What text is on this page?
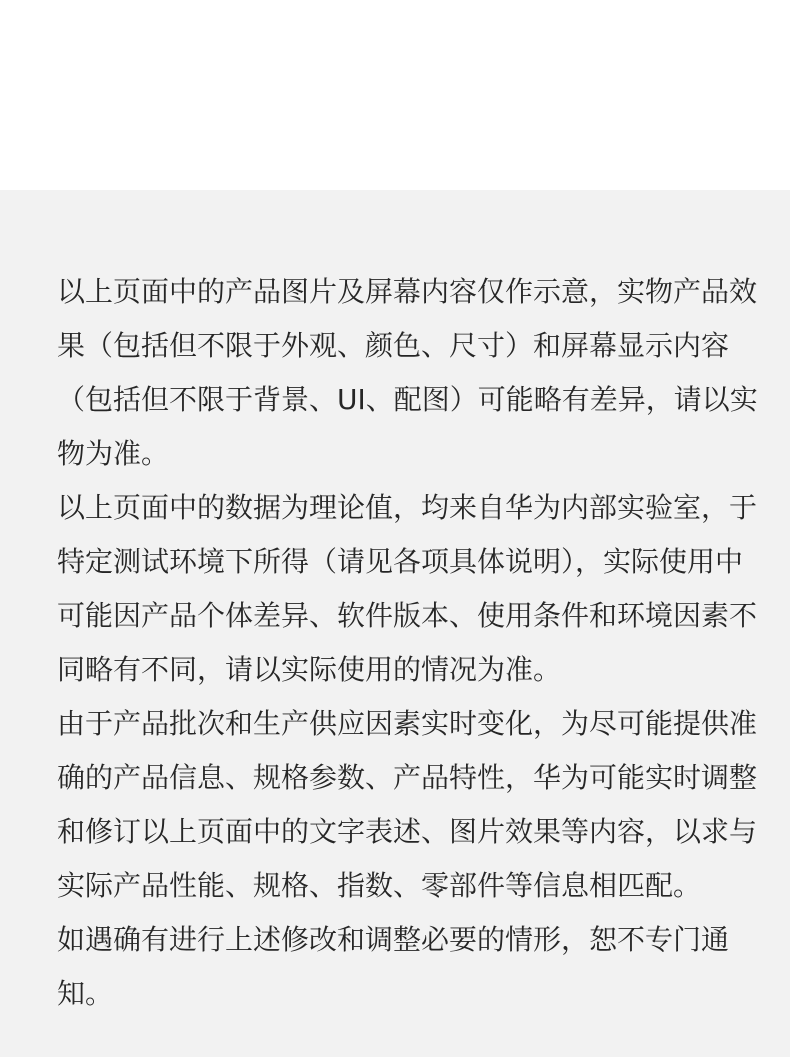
以上页面中的产品图片及屏幕内容仅作示意，实物产品效
果（包括但不限于外观、颜色、尺寸）和屏幕显示内容
（包括但不限于背景、UI、配图）可能略有差异，请以实
物为准。
以上页面中的数据为理论值，均来自华为内部实验室，于
特定测试环境下所得（请见各项具体说明），实际使用中
可能因产品个体差异、软件版本、使用条件和环境因素不
同略有不同，请以实际使用的情况为准。
由于产品批次和生产供应因素实时变化，为尽可能提供准
确的产品信息、规格参数、产品特性，华为可能实时调整
和修订以上页面中的文字表述、图片效果等内容，以求与
实际产品性能、规格、指数、零部件等信息相匹配。
如遇确有进行上述修改和调整必要的情形，恕不专门通
知。
